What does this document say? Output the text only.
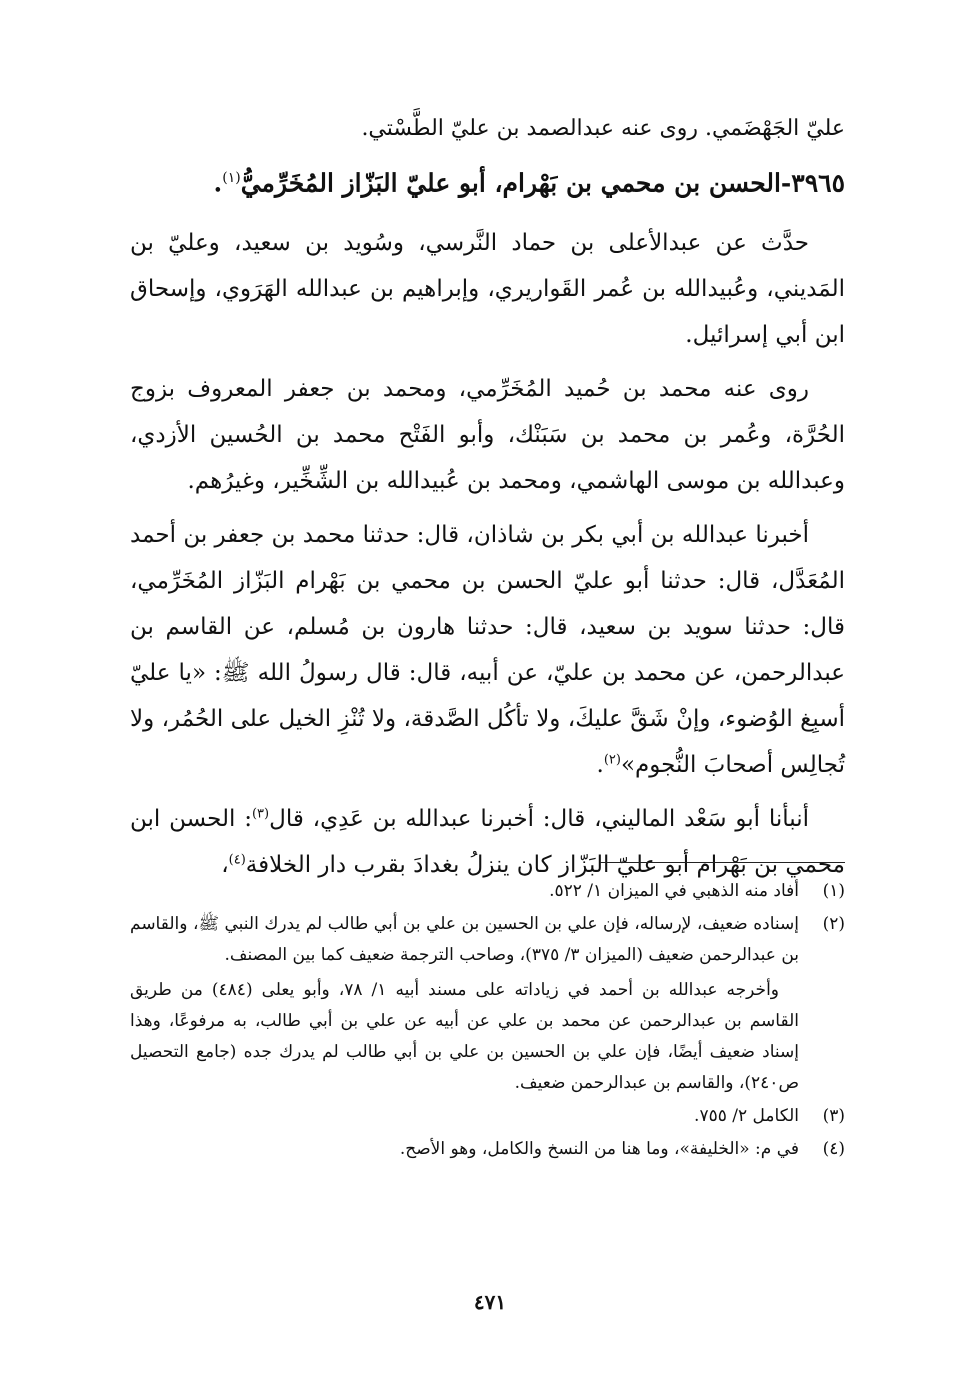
عليّ الجَهْضَمي. روى عنه عبدالصمد بن عليّ الطَّسْتي.
٣٩٦٥-الحسن بن محمي بن بَهْرام، أبو عليّ البَزّاز المُخَرِّميُّ$^{(١)}$.

حدَّث عن عبدالأعلى بن حماد النَّرسي، وسُويد بن سعيد، وعليّ بن المَديني، وعُبيدالله بن عُمر القَواريري، وإبراهيم بن عبدالله الهَرَوي، وإسحاق ابن أبي إسرائيل.

روى عنه محمد بن حُميد المُخَرِّمي، ومحمد بن جعفر المعروف بزوج الحُرَّة، وعُمر بن محمد بن سَبَنْك، وأبو الفَتْح محمد بن الحُسين الأزدي، وعبدالله بن موسى الهاشمي، ومحمد بن عُبيدالله بن الشِّخِّير، وغيرُهم.

أخبرنا عبدالله بن أبي بكر بن شاذان، قال: حدثنا محمد بن جعفر بن أحمد المُعَدَّل، قال: حدثنا أبو عليّ الحسن بن محمي بن بَهْرام البَزّاز المُخَرِّمي، قال: حدثنا سويد بن سعيد، قال: حدثنا هارون بن مُسلم، عن القاسم بن عبدالرحمن، عن محمد بن عليّ، عن أبيه، قال: قال رسولُ الله ﷺ: «يا عليّ أسبِغ الوُضوء، وإنْ شَقَّ عليكَ، ولا تأكُل الصَّدقة، ولا تُنْزِ الخيل على الحُمُر، ولا تُجالِس أصحابَ النُّجوم»$^{(٢)}$.

أنبأنا أبو سَعْد الماليني، قال: أخبرنا عبدالله بن عَدِي، قال$^{(٣)}$: الحسن ابن محمي بن بَهْرام أبو عليّ البَزّاز كان ينزلُ بغدادَ بقرب دار الخلافة$^{(٤)}$،

(١)

أفاد منه الذهبي في الميزان ١/ ٥٢٢.

(٢)

إسناده ضعيف، لإرساله، فإن علي بن الحسين بن علي بن أبي طالب لم يدرك النبي ﷺ، والقاسم بن عبدالرحمن ضعيف (الميزان ٣/ ٣٧٥)، وصاحب الترجمة ضعيف كما بين المصنف.

وأخرجه عبدالله بن أحمد في زياداته على مسند أبيه ١/ ٧٨، وأبو يعلى (٤٨٤) من طريق القاسم بن عبدالرحمن عن محمد بن علي عن أبيه عن علي بن أبي طالب، به مرفوعًا، وهذا إسناد ضعيف أيضًا، فإن علي بن الحسين بن علي بن أبي طالب لم يدرك جده (جامع التحصيل ص٢٤٠)، والقاسم بن عبدالرحمن ضعيف.

(٣)

الكامل ٢/ ٧٥٥.

(٤)

في م: «الخليفة»، وما هنا من النسخ والكامل، وهو الأصح.

٤٧١
